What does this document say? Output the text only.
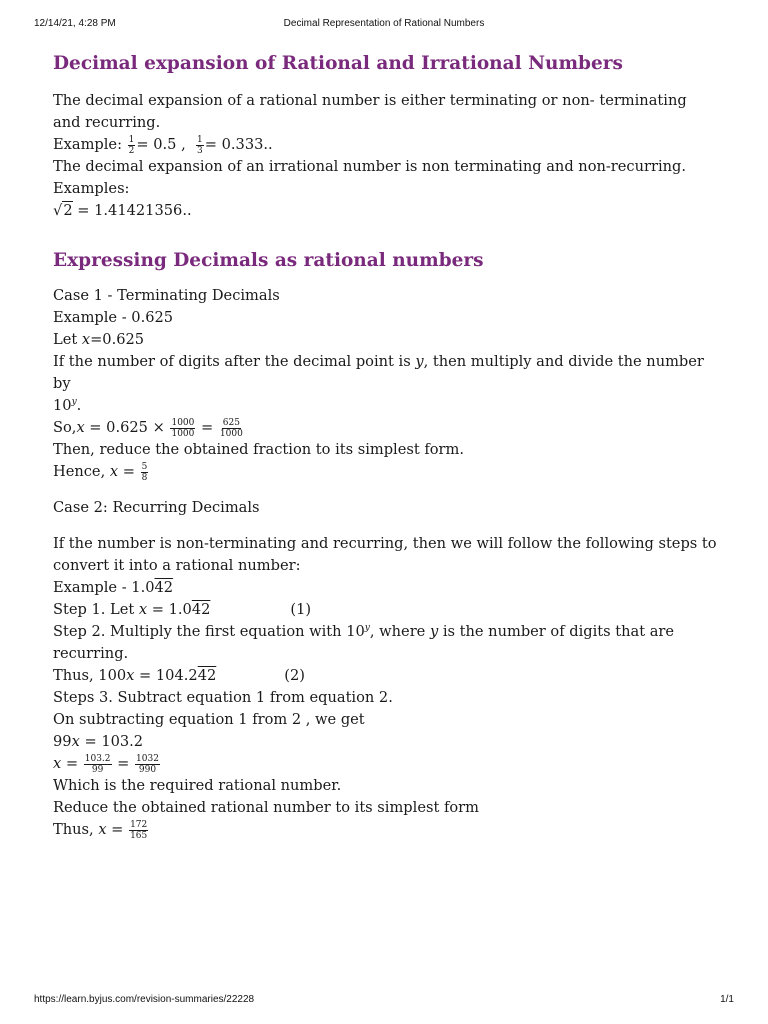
12/14/21, 4:28 PM	Decimal Representation of Rational Numbers
Decimal expansion of Rational and Irrational Numbers
The decimal expansion of a rational number is either terminating or non- terminating and recurring.
Example: $\frac{1}{2} = 0.5$ , $\frac{1}{3} = 0.333$..
The decimal expansion of an irrational number is non terminating and non-recurring.
Examples:
√2 = 1.41421356..
Expressing Decimals as rational numbers
Case 1 - Terminating Decimals
Example - 0.625
Let x=0.625
If the number of digits after the decimal point is y, then multiply and divide the number by
10$^y$.
$So,x = 0.625 \times \frac{1000}{1000} = \frac{625}{1000}$
Then, reduce the obtained fraction to its simplest form.
Hence, $x = \frac{5}{8}$
Case 2: Recurring Decimals
If the number is non-terminating and recurring, then we will follow the following steps to convert it into a rational number:
Example - 1.042
Step 1. Let x = 1.042	(1)
Step 2. Multiply the first equation with 10$^y$, where y is the number of digits that are recurring.
Thus, 100x = 104.242	(2)
Steps 3. Subtract equation 1 from equation 2.
On subtracting equation 1 from 2 , we get
99x = 103.2
$x = \frac{103.2}{99} = \frac{1032}{990}$
Which is the required rational number.
Reduce the obtained rational number to its simplest form
Thus, $x = \frac{172}{165}$
https://learn.byjus.com/revision-summaries/22228	1/1
